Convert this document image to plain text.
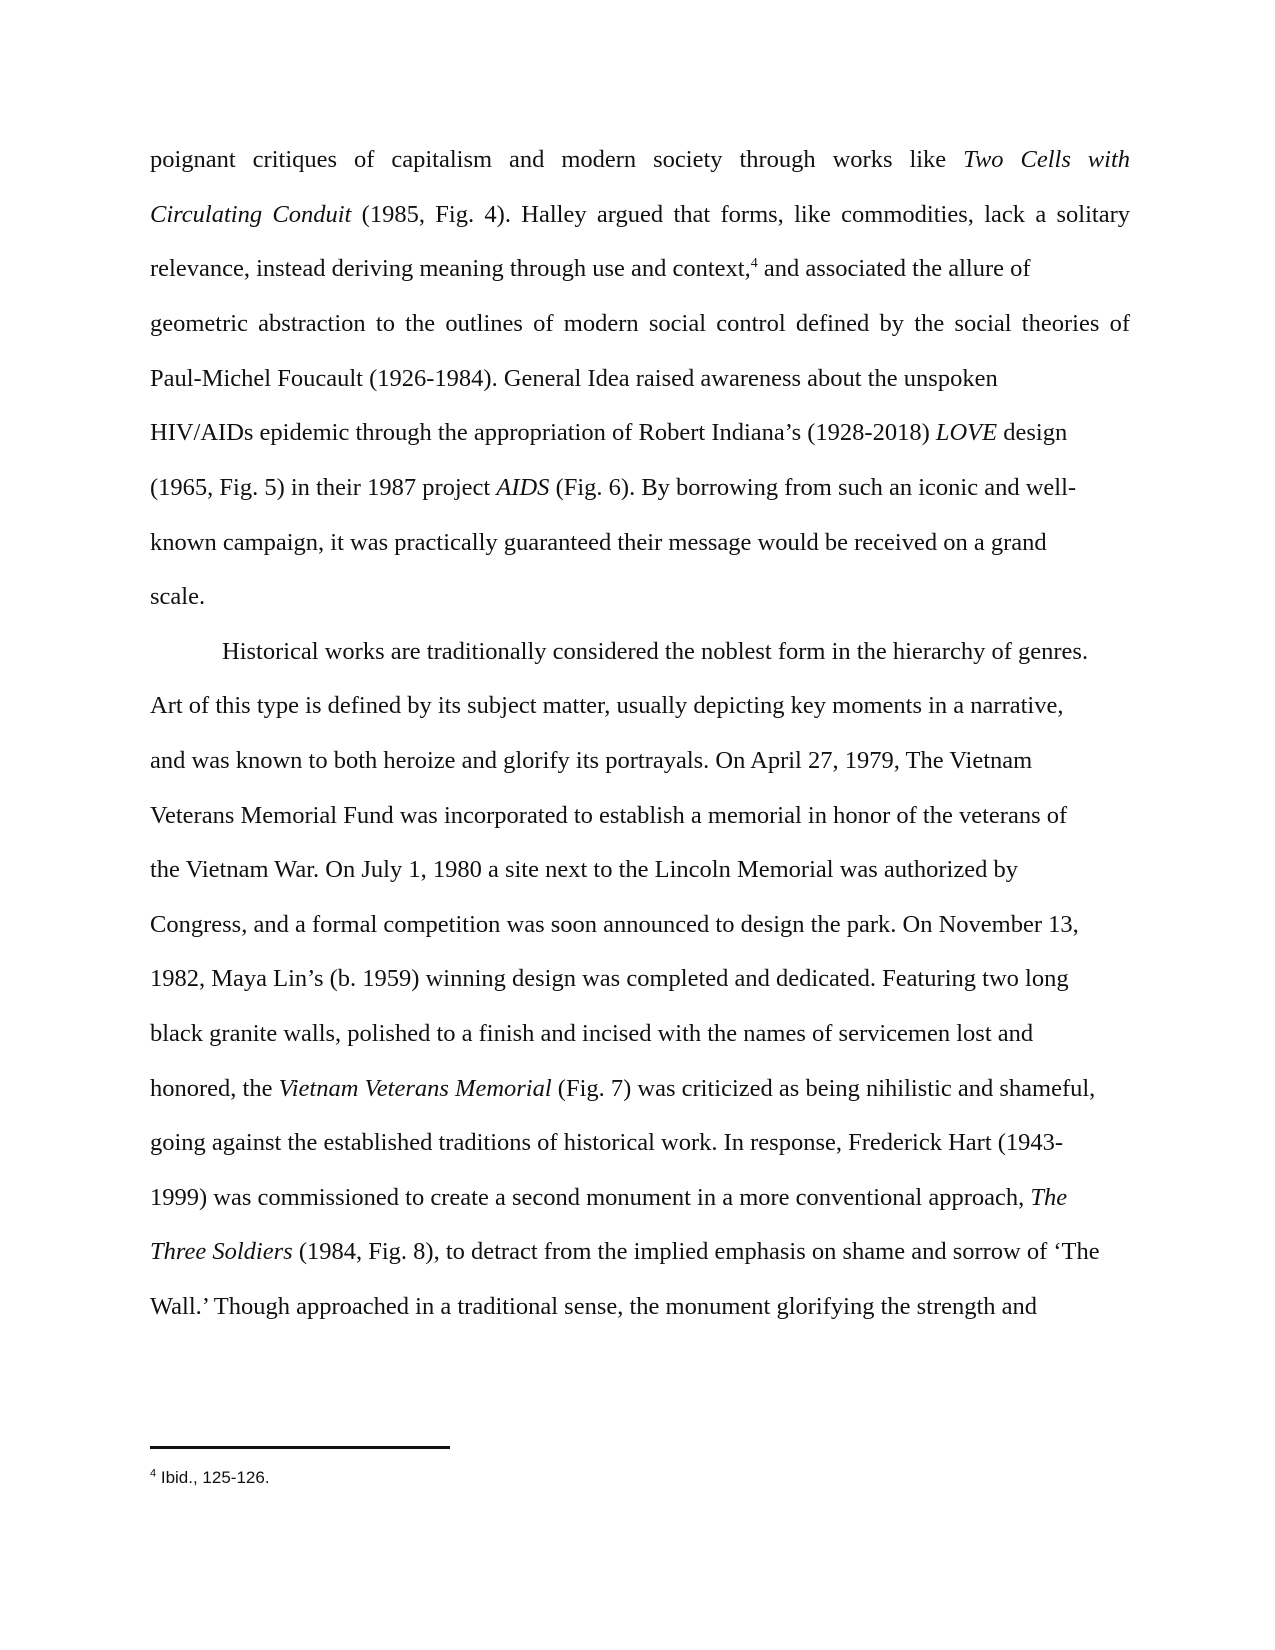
poignant critiques of capitalism and modern society through works like Two Cells with
Circulating Conduit (1985, Fig. 4). Halley argued that forms, like commodities, lack a solitary
relevance, instead deriving meaning through use and context,$^4$ and associated the allure of
geometric abstraction to the outlines of modern social control defined by the social theories of
Paul-Michel Foucault (1926-1984). General Idea raised awareness about the unspoken
HIV/AIDs epidemic through the appropriation of Robert Indiana’s (1928-2018) LOVE design
(1965, Fig. 5) in their 1987 project AIDS (Fig. 6). By borrowing from such an iconic and well-
known campaign, it was practically guaranteed their message would be received on a grand
scale.
Historical works are traditionally considered the noblest form in the hierarchy of genres.
Art of this type is defined by its subject matter, usually depicting key moments in a narrative,
and was known to both heroize and glorify its portrayals. On April 27, 1979, The Vietnam
Veterans Memorial Fund was incorporated to establish a memorial in honor of the veterans of
the Vietnam War. On July 1, 1980 a site next to the Lincoln Memorial was authorized by
Congress, and a formal competition was soon announced to design the park. On November 13,
1982, Maya Lin’s (b. 1959) winning design was completed and dedicated. Featuring two long
black granite walls, polished to a finish and incised with the names of servicemen lost and
honored, the Vietnam Veterans Memorial (Fig. 7) was criticized as being nihilistic and shameful,
going against the established traditions of historical work. In response, Frederick Hart (1943-
1999) was commissioned to create a second monument in a more conventional approach, The
Three Soldiers (1984, Fig. 8), to detract from the implied emphasis on shame and sorrow of ‘The
Wall.’ Though approached in a traditional sense, the monument glorifying the strength and
$^4$ Ibid., 125-126.
